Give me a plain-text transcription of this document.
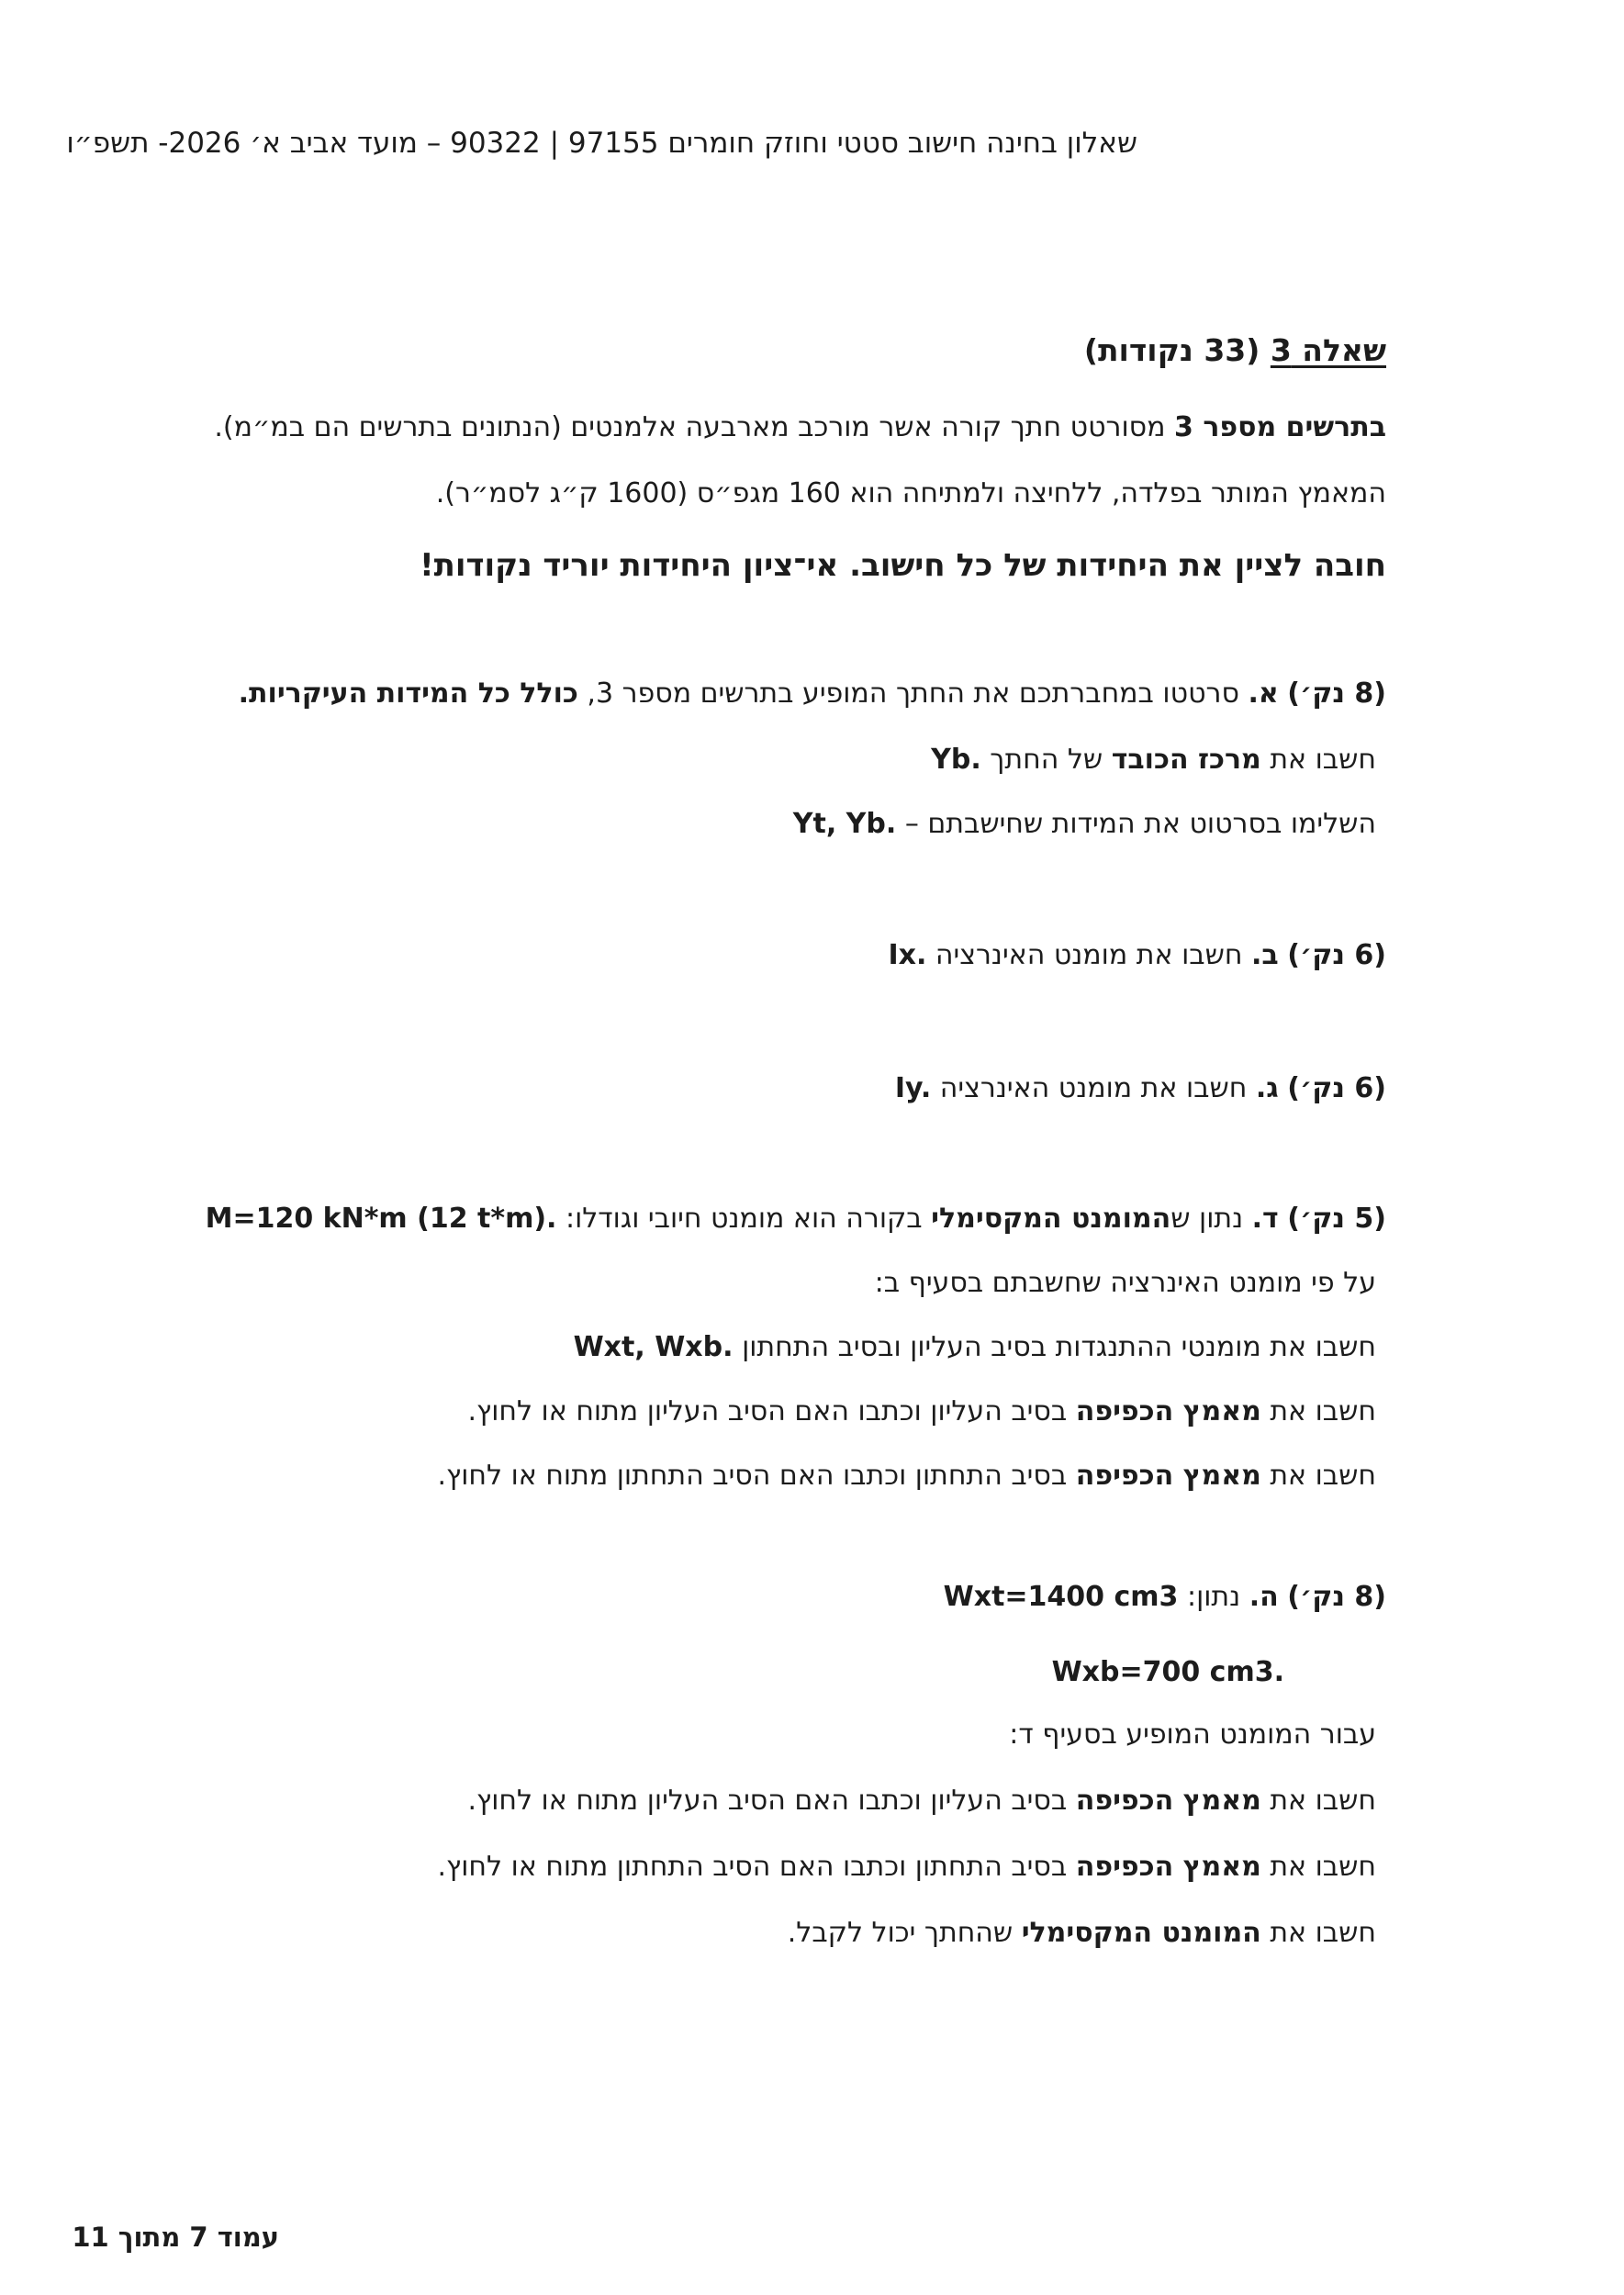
שאלון בחינה חישוב סטטי וחוזק חומרים 97155 | 90322 – מועד אביב א׳ 2026- תשפ״ו
שאלה 3 (33 נקודות)
בתרשים מספר 3 מסורטט חתך קורה אשר מורכב מארבעה אלמנטים (הנתונים בתרשים הם במ״מ).
המאמץ המותר בפלדה, ללחיצה ולמתיחה הוא 160 מגפ״ס (1600 ק״ג לסמ״ר).
חובה לציין את היחידות של כל חישוב. אי־ציון היחידות יוריד נקודות!
(8 נק׳) א. סרטטו במחברתכם את החתך המופיע בתרשים מספר 3, כולל כל המידות העיקריות.
חשבו את מרכז הכובד של החתך Yb.
השלימו בסרטוט את המידות שחישבתם – Yt, Yb.
(6 נק׳) ב. חשבו את מומנט האינרציה Ix.
(6 נק׳) ג. חשבו את מומנט האינרציה Iy.
(5 נק׳) ד. נתון שהמומנט המקסימלי בקורה הוא מומנט חיובי וגודלו: M=120 kN*m (12 t*m).
על פי מומנט האינרציה שחשבתם בסעיף ב:
חשבו את מומנטי ההתנגדות בסיב העליון ובסיב התחתון Wxt, Wxb.
חשבו את מאמץ הכפיפה בסיב העליון וכתבו האם הסיב העליון מתוח או לחוץ.
חשבו את מאמץ הכפיפה בסיב התחתון וכתבו האם הסיב התחתון מתוח או לחוץ.
(8 נק׳) ה. נתון: Wxt=1400 cm3
Wxb=700 cm3.
עבור המומנט המופיע בסעיף ד:
חשבו את מאמץ הכפיפה בסיב העליון וכתבו האם הסיב העליון מתוח או לחוץ.
חשבו את מאמץ הכפיפה בסיב התחתון וכתבו האם הסיב התחתון מתוח או לחוץ.
חשבו את המומנט המקסימלי שהחתך יכול לקבל.
עמוד 7 מתוך 11
